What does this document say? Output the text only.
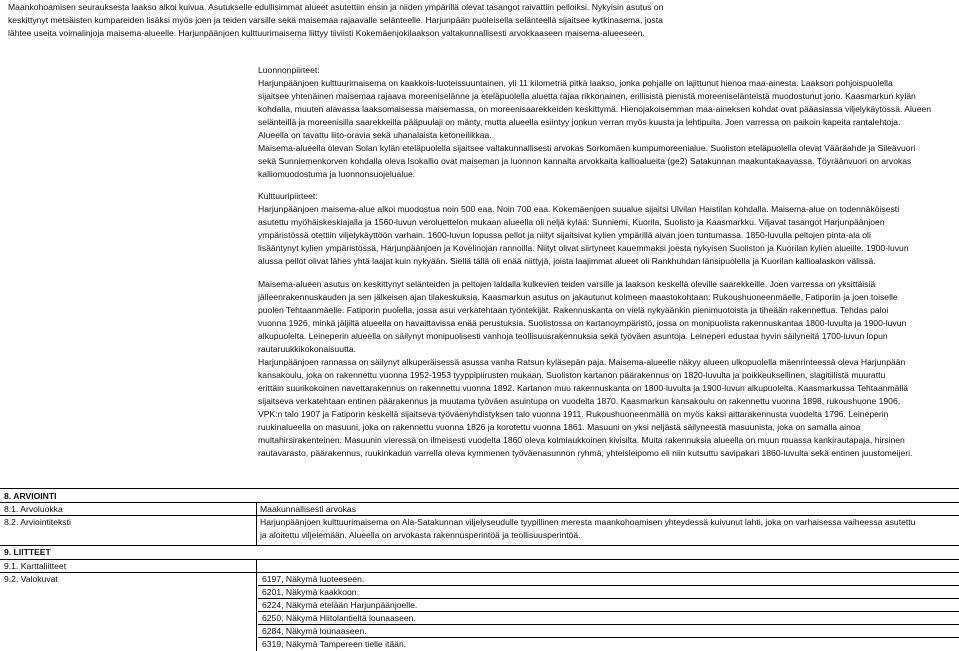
Maankohoamisen seurauksesta laakso alkoi kuivua. Asutukselle edullisimmat alueet asutettiin ensin ja niiden ympärillä olevat tasangot raivattiin pelloiksi. Nykyisin asutus on
keskittynyt metsäisten kumpareiden lisäksi myös joen ja teiden varsille sekä maisemaa rajaavalle selänteelle. Harjunpään puoleisella selänteellä sijaitsee kytkinasema, josta
lähtee useita voimalinjoja maisema-alueelle. Harjunpäänjoen kulttuurimaisema liittyy tiiviisti Kokemäenjokilaakson valtakunnallisesti arvokkaaseen maisema-alueeseen.
Luonnonpiirteet:
Harjunpäänjoen kulttuurimaisema on kaakkois-luoteissuuntainen, yli 11 kilometriä pitkä laakso, jonka pohjalle on lajittunut hienoa maa-ainesta. Laakson pohjoispuolella
sijaitsee yhtenäinen maisemaa rajaava moreeniselänne ja eteläpuolella aluetta rajaa rikkonainen, erillisistä pienistä moreeniselänteistä muodostunut jono. Kaasmarkun kylän
kohdalla, muuten alavassa laaksomaisessa maisemassa, on moreenisaarekkeiden keskittymä. Hienojakoisemman maa-aineksen kohdat ovat pääasiassa viljelykäytössä. Alueen
selänteillä ja moreenisilla saarekkeilla pääpuulaji on mänty, mutta alueella esiintyy jonkun verran myös kuusta ja lehtipuita. Joen varressa on paikoin kapeita rantalehtoja.
Alueella on tavattu liito-oravia sekä uhanalaista ketoneilikkaa.
Maisema-alueella olevan Solan kylän eteläpuolella sijaitsee valtakunnallisesti arvokas Sorkomäen kumpumoreenialue. Suoliston eteläpuolella olevat Vääräahde ja Sileävuori
sekä Sunniemenkorven kohdalla oleva Isokallio ovat maiseman ja luonnon kannalta arvokkaita kallioalueita (ge2) Satakunnan maakuntakaavassa. Töyräänvuori on arvokas
kalliomuodostuma ja luonnonsuojelualue.
Kulttuuripiirteet:
Harjunpäänjoen maisema-alue alkoi muodostua noin 500 eaa. Noin 700 eaa. Kokemäenjoen suualue sijaitsi Ulvilan Haistilan kohdalla. Maisema-alue on todennäköisesti
asutettu myöhäiskeskiajalla ja 1560-luvun veroluettelon mukaan alueella oli neljä kylää: Sunniemi, Kuorila, Suolisto ja Kaasmarkku. Viljavat tasangot Harjunpäänjoen
ympäristössä otettiin viljelykäyttöön varhain. 1600-luvun lopussa pellot ja niityt sijaitsivat kylien ympärillä aivan joen tuntumassa. 1850-luvulla peltojen pinta-ala oli
lisääntynyt kylien ympäristössä, Harjunpäänjoen ja Kovelinojan rannoilla. Niityt olivat siirtyneet kauemmaksi joesta nykyisen Suoliston ja Kuorilan kylien alueille. 1900-luvun
alussa pellot olivat lähes yhtä laajat kuin nykyään. Siellä tällä oli enää niittyjä, joista laajimmat alueet oli Rankhuhdan länsipuolella ja Kuorilan kallioalaskon välissä.
Maisema-alueen asutus on keskittynyt selänteiden ja peltojen laidalla kulkevien teiden varsille ja laakson keskellä oleville saarekkeille. Joen varressa on yksittäisiä
jälleenrakennuskauden ja sen jälkeisen ajan tilakeskuksia. Kaasmarkun asutus on jakautunut kolmeen maastokohtaan: Rukoushuoneenmäelle, Fatiporiin ja joen toiselle
puolen Tehtaanmäelle. Fatiporin puolella, jossa asui verkatehtaan työntekijät. Rakennuskanta on vielä nykyäänkin pienimuotoista ja tiheään rakennettua. Tehdas paloi
vuonna 1926, minkä jäljiltä alueella on havaittavissa enää perustuksia. Suolistossa on kartanoympäristö, jossa on monipuolista rakennuskantaa 1800-luvulta ja 1900-luvun
alkupuolelta. Leineperin alueella on säilynyt monipuolisesti vanhoja teollisuusrakennuksia sekä työväen asuntoja. Leineperi edustaa hyvin säilyneitä 1700-luvun lopun
rautaruukkikokonaisuutta.
Harjunpäänjoen rannassa on säilynyt alkuperäisessä asussa vanha Ratsun kyläsepän paja. Maisema-alueelle näkyy alueen ulkopuolella mäenrinteessä oleva Harjunpään
kansakoulu, joka on rakennettu vuonna 1952-1953 tyyppipiirusten mukaan. Suoliston kartanon päärakennus on 1820-luvulta ja poikkeuksellinen, slagitiilistä muurattu
erittäin suurikokoinen navettarakennus on rakennettu vuonna 1892. Kartanon muu rakennuskanta on 1800-luvulta ja 1900-luvun alkupuolelta. Kaasmarkussa Tehtaanmällä
sijaitseva verkatehtaan entinen päärakennus ja muutama työväen asuintupa on vuodelta 1870. Kaasmarkun kansakoulu on rakennettu vuonna 1898, rukoushuone 1906,
VPK:n talo 1907 ja Fatiporin keskellä sijaitseva työväenyhdistyksen talo vuonna 1911. Rukoushuoneenmällä on myös kaksi aittarakennusta vuodelta 1796. Leineperin
ruukinalueella on masuuni, joka on rakennettu vuonna 1826 ja korotettu vuonna 1861. Masuuni on yksi neljästä säilyneestä masuunista, joka on samalla ainoa
multahirsirakenteinen. Masuunin vieressä on ilmeisesti vuodelta 1860 oleva kolmiaukkoinen kivisilta. Muita rakennuksia alueella on muun muassa kankirautapaja, hirsinen
rautavarasto, päärakennus, ruukinkadun varrella oleva kymmenen työväenasunnon ryhmä, yhteisleipomo eli niin kutsuttu savipakari 1860-luvulta sekä entinen juustomeijeri.
8. ARVIOINTI
8.1. Arvoluokka	Maakunnallisesti arvokas
8.2. Arviointiteksti	Harjunpäänjoen kulttuurimaisema on Ala-Satakunnan viljelyseudulle tyypillinen meresta maankohoamisen yhteydessä kuivunut lahti, joka on varhaisessa vaiheessa asutettu
ja aloitettu viljelemään. Alueella on arvokasta rakennusperintöä ja teollisuusperintöä.
9. LIITTEET
9.1. Karttaliitteet
9.2. Valokuvat	6197, Näkymä luoteeseen.
6201, Näkymä kaakkoon.
6224, Näkymä etelään Harjunpäänjoelle.
6250, Näkymä Hiitolantieltä lounaaseen.
6284, Näkymä lounaaseen.
6319, Näkymä Tampereen tielle itään.
